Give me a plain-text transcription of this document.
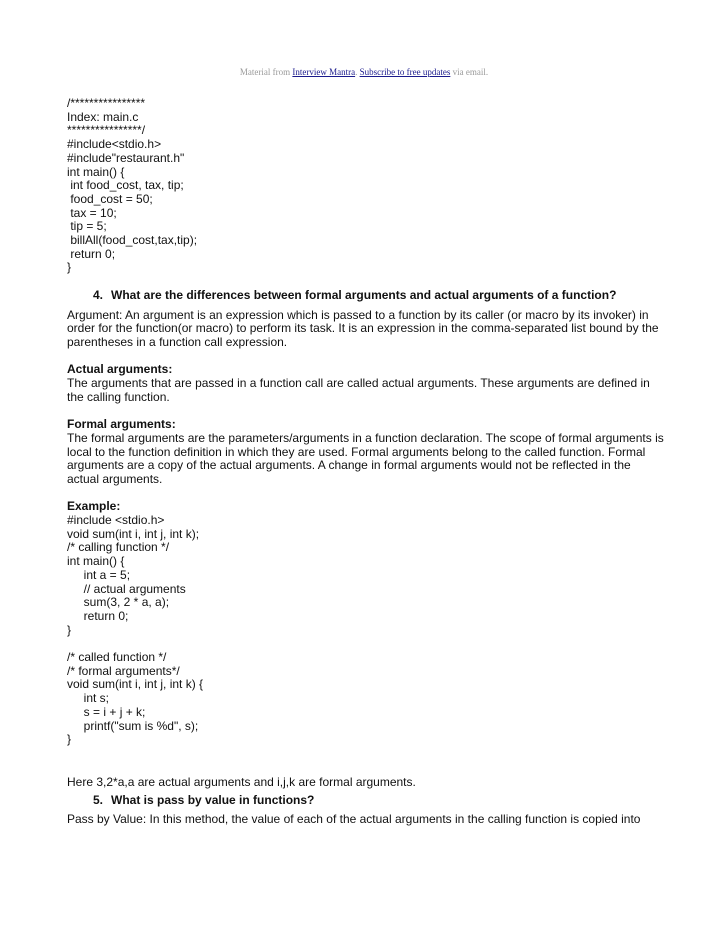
Material from Interview Mantra. Subscribe to free updates via email.

/****************

Index: main.c

****************/

#include<stdio.h>

#include"restaurant.h"

int main() {

int food_cost, tax, tip;

food_cost = 50;

tax = 10;

tip = 5;

billAll(food_cost,tax,tip);

return 0;

}

4. What are the differences between formal arguments and actual arguments of a function?

Argument: An argument is an expression which is passed to a function by its caller (or macro by its invoker) in

order for the function(or macro) to perform its task. It is an expression in the comma-separated list bound by the

parentheses in a function call expression.

Actual arguments:

The arguments that are passed in a function call are called actual arguments. These arguments are defined in

the calling function.

Formal arguments:

The formal arguments are the parameters/arguments in a function declaration. The scope of formal arguments is

local to the function definition in which they are used. Formal arguments belong to the called function. Formal

arguments are a copy of the actual arguments. A change in formal arguments would not be reflected in the

actual arguments.

Example:

#include <stdio.h>

void sum(int i, int j, int k);

/* calling function */

int main() {

int a = 5;

// actual arguments

sum(3, 2 * a, a);

return 0;

}

/* called function */

/* formal arguments*/

void sum(int i, int j, int k) {

int s;

s = i + j + k;

printf("sum is %d", s);

}

Here 3,2*a,a are actual arguments and i,j,k are formal arguments.

5. What is pass by value in functions?

Pass by Value: In this method, the value of each of the actual arguments in the calling function is copied into
